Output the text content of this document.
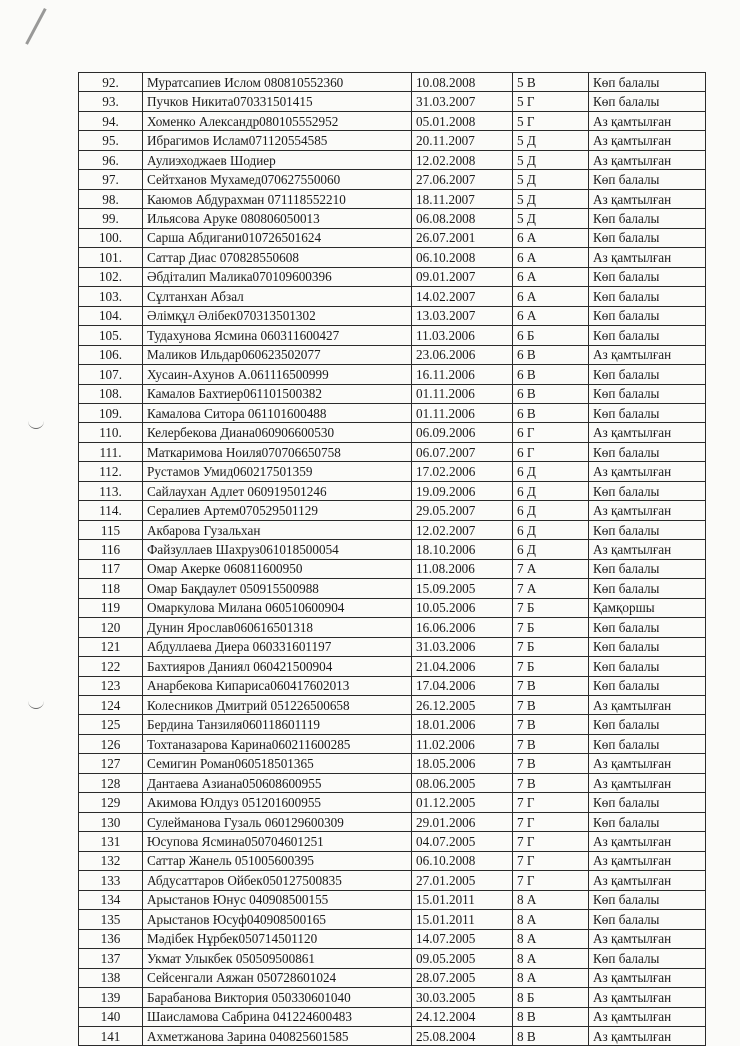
92.	Муратсапиев Ислом 080810552360	10.08.2008	5 В	Көп балалы
93.	Пучков Никита070331501415	31.03.2007	5 Г	Көп балалы
94.	Хоменко Александр080105552952	05.01.2008	5 Г	Аз қамтылған
95.	Ибрагимов Ислам071120554585	20.11.2007	5 Д	Аз қамтылған
96.	Аулиэходжаев Шодиер	12.02.2008	5 Д	Аз қамтылған
97.	Сейтханов Мухамед070627550060	27.06.2007	5 Д	Көп балалы
98.	Каюмов Абдурахман 071118552210	18.11.2007	5 Д	Аз қамтылған
99.	Ильясова Аруке 080806050013	06.08.2008	5 Д	Көп балалы
100.	Сарша Абдигани010726501624	26.07.2001	6 А	Көп балалы
101.	Саттар Диас 070828550608	06.10.2008	6 А	Аз қамтылған
102.	Әбдіталип Малика070109600396	09.01.2007	6 А	Көп балалы
103.	Сұлтанхан Абзал	14.02.2007	6 А	Көп балалы
104.	Әлімқұл Әлібек070313501302	13.03.2007	6 А	Көп балалы
105.	Тудахунова Ясмина 060311600427	11.03.2006	6 Б	Көп балалы
106.	Маликов Ильдар060623502077	23.06.2006	6 В	Аз қамтылған
107.	Хусаин-Ахунов А.061116500999	16.11.2006	6 В	Көп балалы
108.	Камалов Бахтиер061101500382	01.11.2006	6 В	Көп балалы
109.	Камалова Ситора 061101600488	01.11.2006	6 В	Көп балалы
110.	Келербекова Диана060906600530	06.09.2006	6 Г	Аз қамтылған
111.	Маткаримова Ноиля070706650758	06.07.2007	6 Г	Көп балалы
112.	Рустамов Умид060217501359	17.02.2006	6 Д	Аз қамтылған
113.	Сайлаухан Адлет 060919501246	19.09.2006	6 Д	Көп балалы
114.	Сералиев Артем070529501129	29.05.2007	6 Д	Аз қамтылған
115	Акбарова Гузальхан	12.02.2007	6 Д	Көп балалы
116	Файзуллаев Шахруз061018500054	18.10.2006	6 Д	Аз қамтылған
117	Омар Акерке 060811600950	11.08.2006	7 А	Көп балалы
118	Омар Бақдаулет 050915500988	15.09.2005	7 А	Көп балалы
119	Омаркулова Милана 060510600904	10.05.2006	7 Б	Қамқоршы
120	Дунин Ярослав060616501318	16.06.2006	7 Б	Көп балалы
121	Абдуллаева Диера 060331601197	31.03.2006	7 Б	Көп балалы
122	Бахтияров Даниял 060421500904	21.04.2006	7 Б	Көп балалы
123	Анарбекова Кипариса060417602013	17.04.2006	7 В	Көп балалы
124	Колесников Дмитрий 051226500658	26.12.2005	7 В	Аз қамтылған
125	Бердина Танзиля060118601119	18.01.2006	7 В	Көп балалы
126	Тохтаназарова Карина060211600285	11.02.2006	7 В	Көп балалы
127	Семигин Роман060518501365	18.05.2006	7 В	Аз қамтылған
128	Дантаева Азиана050608600955	08.06.2005	7 В	Аз қамтылған
129	Акимова Юлдуз 051201600955	01.12.2005	7 Г	Көп балалы
130	Сулейманова Гузаль 060129600309	29.01.2006	7 Г	Көп балалы
131	Юсупова Ясмина050704601251	04.07.2005	7 Г	Аз қамтылған
132	Саттар Жанель 051005600395	06.10.2008	7 Г	Аз қамтылған
133	Абдусаттаров Ойбек050127500835	27.01.2005	7 Г	Аз қамтылған
134	Арыстанов Юнус 040908500155	15.01.2011	8 А	Көп балалы
135	Арыстанов Юсуф040908500165	15.01.2011	8 А	Көп балалы
136	Мәдібек Нұрбек050714501120	14.07.2005	8 А	Аз қамтылған
137	Укмат Улыкбек 050509500861	09.05.2005	8 А	Көп балалы
138	Сейсенгали Аяжан 050728601024	28.07.2005	8 А	Аз қамтылған
139	Барабанова Виктория 050330601040	30.03.2005	8 Б	Аз қамтылған
140	Шаисламова Сабрина 041224600483	24.12.2004	8 В	Аз қамтылған
141	Ахметжанова Зарина 040825601585	25.08.2004	8 В	Аз қамтылған
